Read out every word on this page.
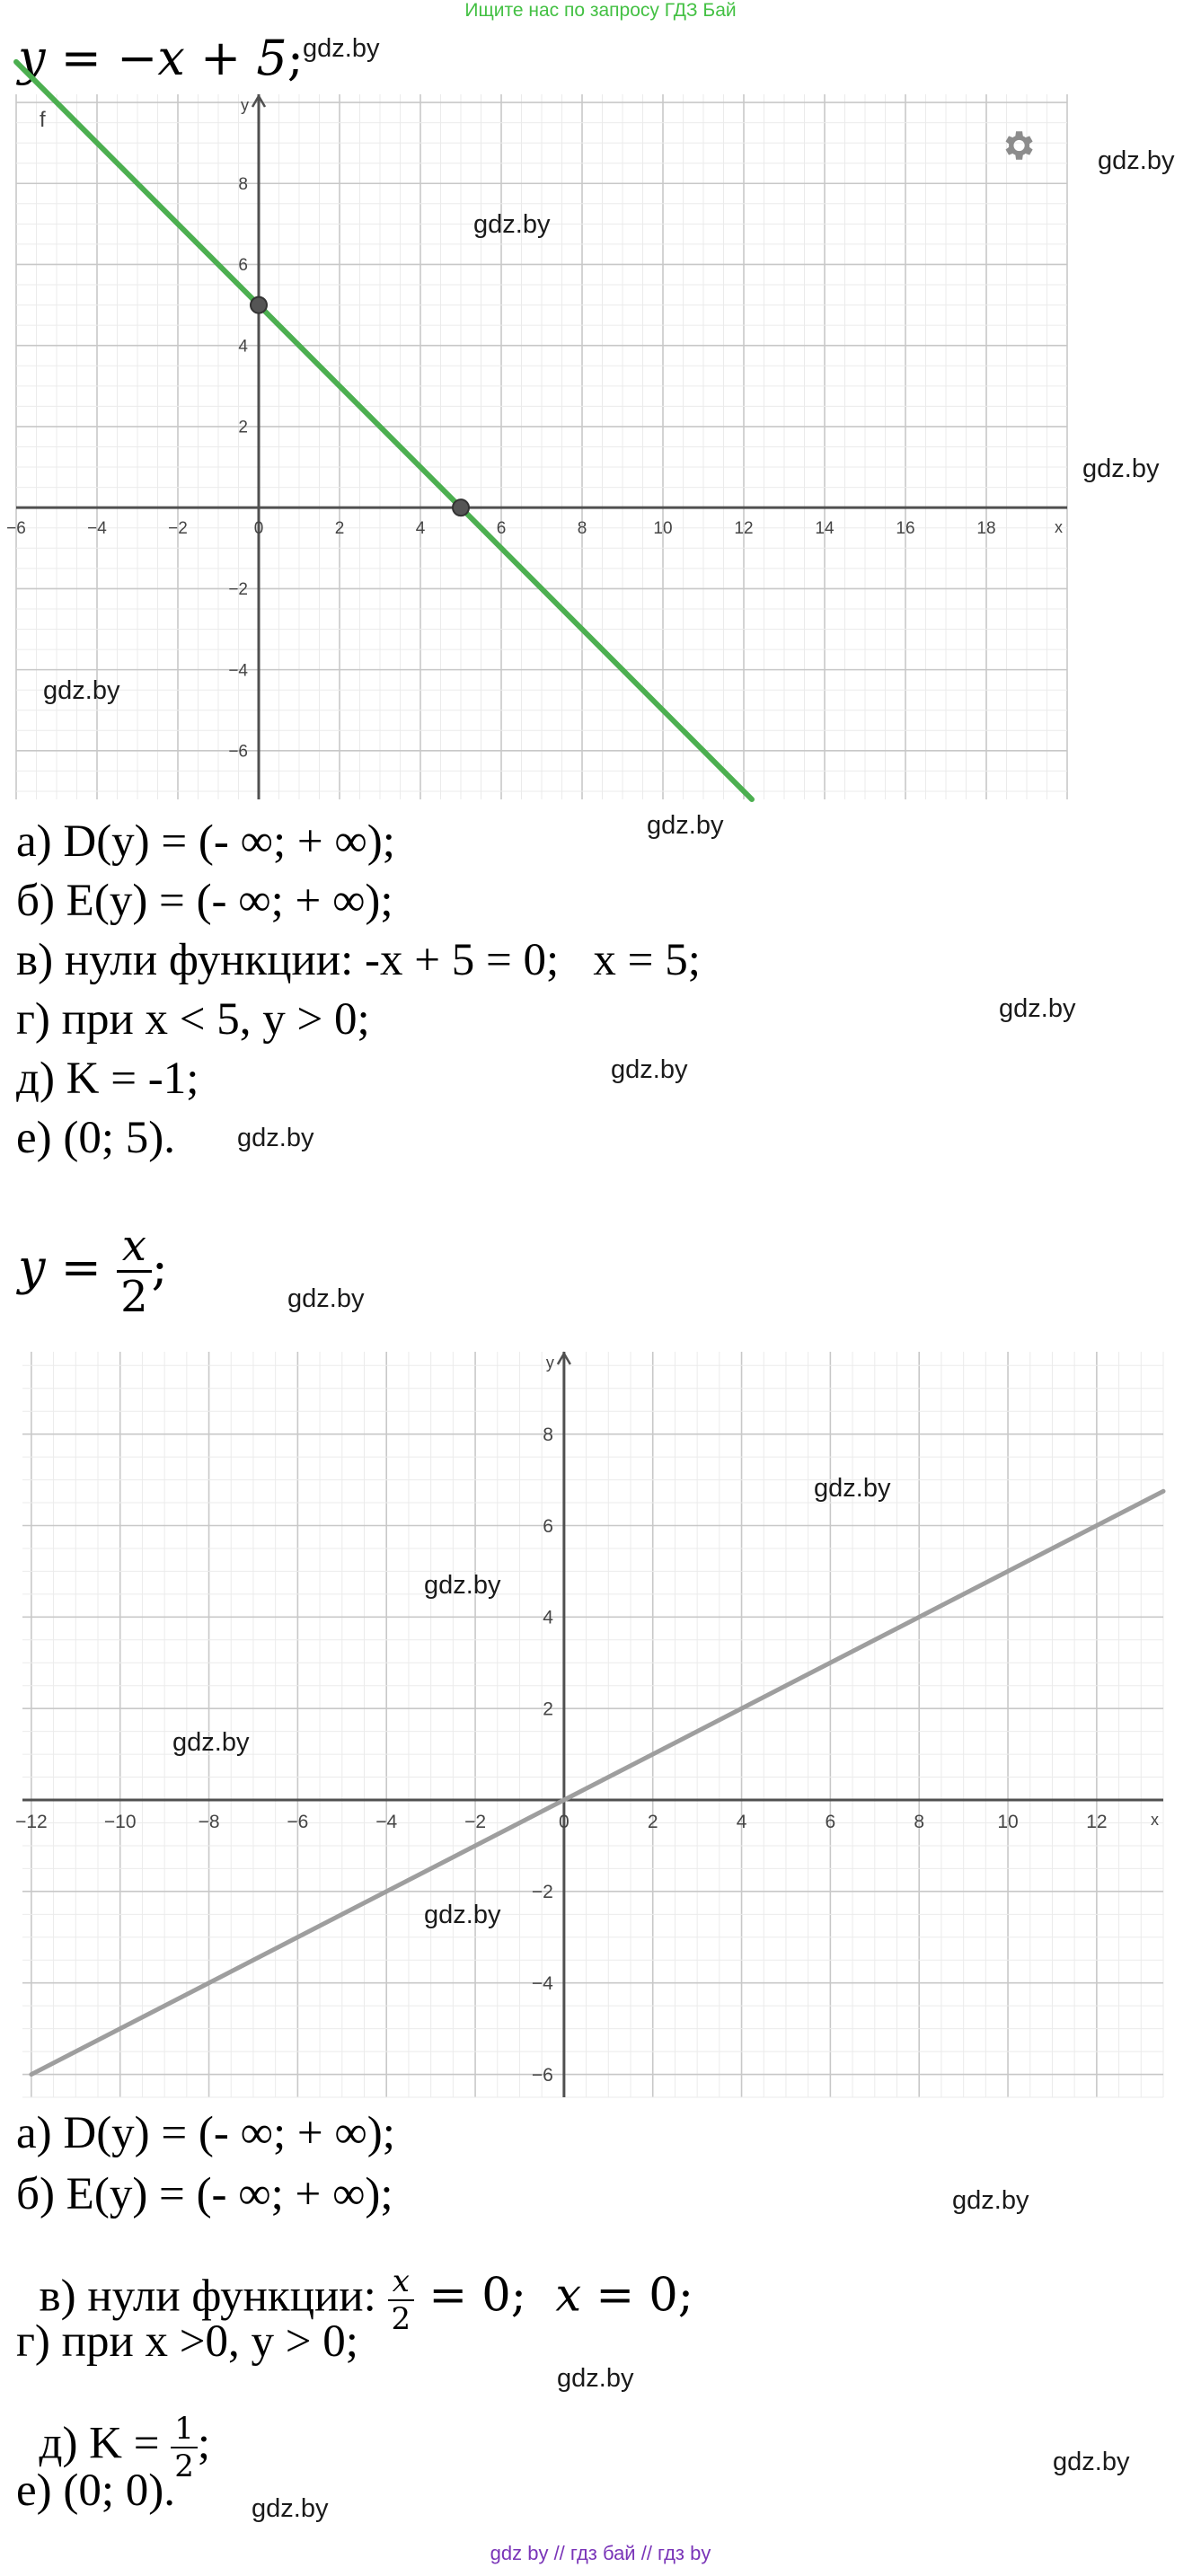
Ищите нас по запросу ГДЗ Бай
y = −x + 5; gdz.by
x
y
−6	−4	−2	0	2	4	6	8	10	12	14	16	18
−6
−4
−2
2
4
6
8
f
gdz.by
gdz.by
gdz.by
gdz.by
gdz.by
а) D(y) = (- ∞; + ∞);
б) E(y) = (- ∞; + ∞);
в) нули функции: -x + 5 = 0;   x = 5;
г) при x < 5, y > 0;
д) K = -1;
е) (0; 5).
gdz.by
gdz.by
gdz.by
$y = \frac{x}{2}$ ;
gdz.by
x
y
−12	−10	−8	−6	−4	−2	0	2	4	6	8	10	12
−6
−4
−2
2
4
6
8
gdz.by
gdz.by
gdz.by
gdz.by
а) D(y) = (- ∞; + ∞);
б) E(y) = (- ∞; + ∞);

в) нули функции: $\frac{x}{2} = 0$;  x = 0;

г) при x >0, y > 0;

д) $K = \frac{1}{2}$ ;

е) (0; 0).
gdz.by
gdz.by
gdz.by
gdz.by
gdz by // гдз бай // гдз by
